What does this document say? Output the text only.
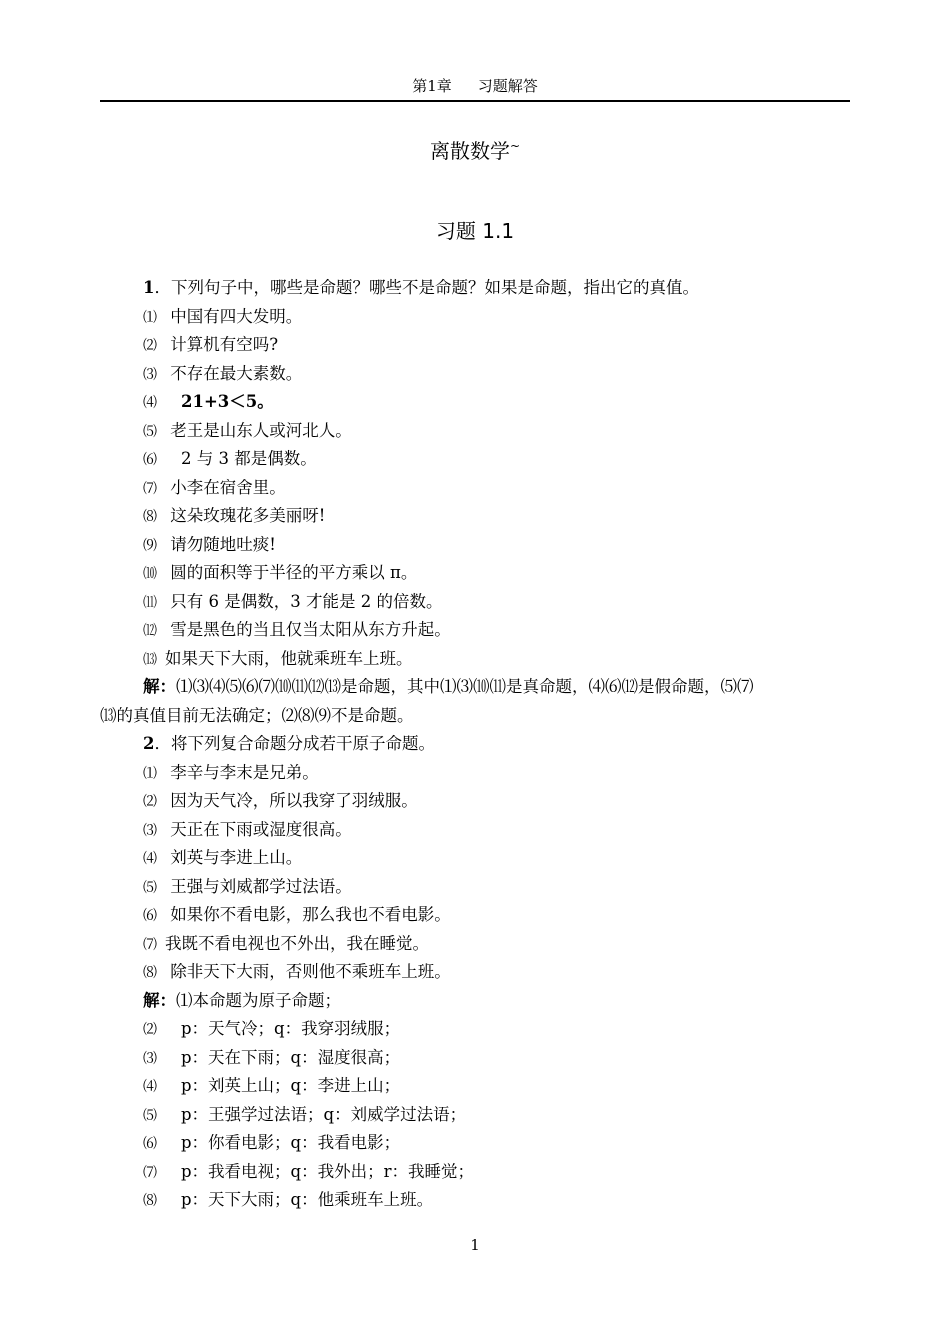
第1章 习题解答
离散数学~
习题 1.1
1．下列句子中，哪些是命题？哪些不是命题？如果是命题，指出它的真值。
⑴ 中国有四大发明。
⑵ 计算机有空吗?
⑶ 不存在最大素数。
⑷ 21+3＜5。
⑸ 老王是山东人或河北人。
⑹ 2 与 3 都是偶数。
⑺ 小李在宿舍里。
⑻ 这朵玫瑰花多美丽呀!
⑼ 请勿随地吐痰!
⑽ 圆的面积等于半径的平方乘以 π。
⑾ 只有 6 是偶数，3 才能是 2 的倍数。
⑿ 雪是黑色的当且仅当太阳从东方升起。
⒀ 如果天下大雨，他就乘班车上班。
解：⑴⑶⑷⑸⑹⑺⑽⑾⑿⒀是命题，其中⑴⑶⑽⑾是真命题，⑷⑹⑿是假命题，⑸⑺
⒀的真值目前无法确定；⑵⑻⑼不是命题。
2．将下列复合命题分成若干原子命题。
⑴ 李辛与李末是兄弟。
⑵ 因为天气冷，所以我穿了羽绒服。
⑶ 天正在下雨或湿度很高。
⑷ 刘英与李进上山。
⑸ 王强与刘威都学过法语。
⑹ 如果你不看电影，那么我也不看电影。
⑺ 我既不看电视也不外出，我在睡觉。
⑻ 除非天下大雨，否则他不乘班车上班。
解：⑴本命题为原子命题；
⑵ p：天气冷；q：我穿羽绒服；
⑶ p：天在下雨；q：湿度很高；
⑷ p：刘英上山；q：李进上山；
⑸ p：王强学过法语；q：刘威学过法语；
⑹ p：你看电影；q：我看电影；
⑺ p：我看电视；q：我外出；r：我睡觉；
⑻ p：天下大雨；q：他乘班车上班。
1
